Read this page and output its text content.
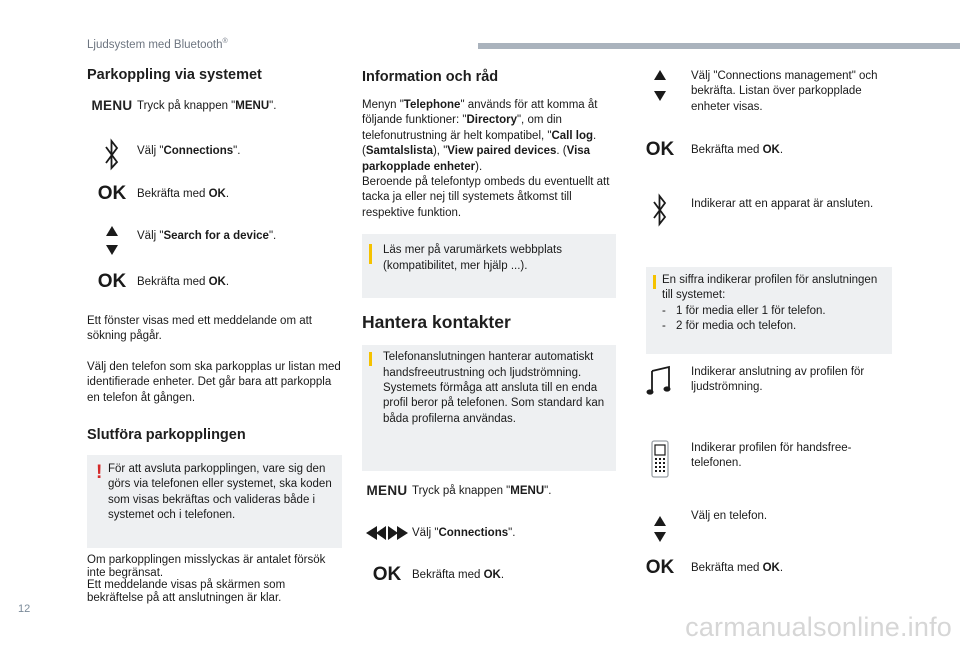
Ljudsystem med Bluetooth®
12
carmanualsonline.info
Parkoppling via systemet
MENU Tryck på knappen "MENU".
Välj "Connections".
OK Bekräfta med OK.
Välj "Search for a device".
OK Bekräfta med OK.

Ett fönster visas med ett meddelande om att sökning pågår.

Välj den telefon som ska parkopplas ur listan med identifierade enheter. Det går bara att parkoppla en telefon åt gången.

Slutföra parkopplingen
! För att avsluta parkopplingen, vare sig den görs via telefonen eller systemet, ska koden som visas bekräftas och valideras både i systemet och i telefonen.

Om parkopplingen misslyckas är antalet försök inte begränsat.
Ett meddelande visas på skärmen som bekräftelse på att anslutningen är klar.

Information och råd

Menyn "Telephone" används för att komma åt följande funktioner: "Directory", om din telefonutrustning är helt kompatibel, "Call log. (Samtalslista), "View paired devices. (Visa parkopplade enheter).

Beroende på telefontyp ombeds du eventuellt att tacka ja eller nej till systemets åtkomst till respektive funktion.

Läs mer på varumärkets webbplats (kompatibilitet, mer hjälp ...).
Hantera kontakter
Telefonanslutningen hanterar automatiskt handsfreeutrustning och ljudströmning. Systemets förmåga att ansluta till en enda profil beror på telefonen. Som standard kan båda profilerna användas.
MENU Tryck på knappen "MENU".
Välj "Connections".
OK Bekräfta med OK.
Välj "Connections management" och bekräfta. Listan över parkopplade enheter visas.
OK	Bekräfta med OK.
Indikerar att en apparat är ansluten.
En siffra indikerar profilen för anslutningen till systemet:
- 1 för media eller 1 för telefon.
- 2 för media och telefon.
Indikerar anslutning av profilen för ljudströmning.
Indikerar profilen för handsfree-telefonen.
Välj en telefon.
OK	Bekräfta med OK.
